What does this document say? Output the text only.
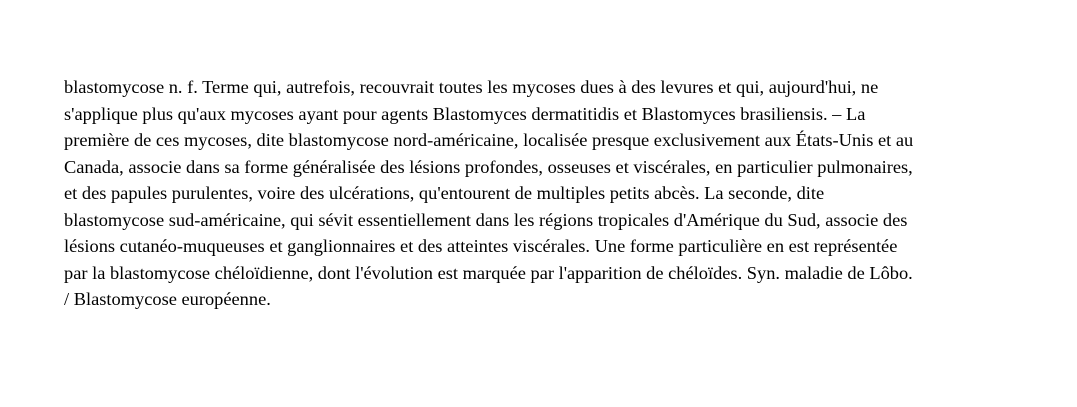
blastomycose n. f. Terme qui, autrefois, recouvrait toutes les mycoses dues à des levures et qui, aujourd'hui, ne
s'applique plus qu'aux mycoses ayant pour agents Blastomyces dermatitidis et Blastomyces brasiliensis. – La
première de ces mycoses, dite blastomycose nord-américaine, localisée presque exclusivement aux États-Unis et au
Canada, associe dans sa forme généralisée des lésions profondes, osseuses et viscérales, en particulier pulmonaires,
et des papules purulentes, voire des ulcérations, qu'entourent de multiples petits abcès. La seconde, dite
blastomycose sud-américaine, qui sévit essentiellement dans les régions tropicales d'Amérique du Sud, associe des
lésions cutanéo-muqueuses et ganglionnaires et des atteintes viscérales. Une forme particulière en est représentée
par la blastomycose chéloïdienne, dont l'évolution est marquée par l'apparition de chéloïdes. Syn. maladie de Lôbo.
/ Blastomycose européenne.
